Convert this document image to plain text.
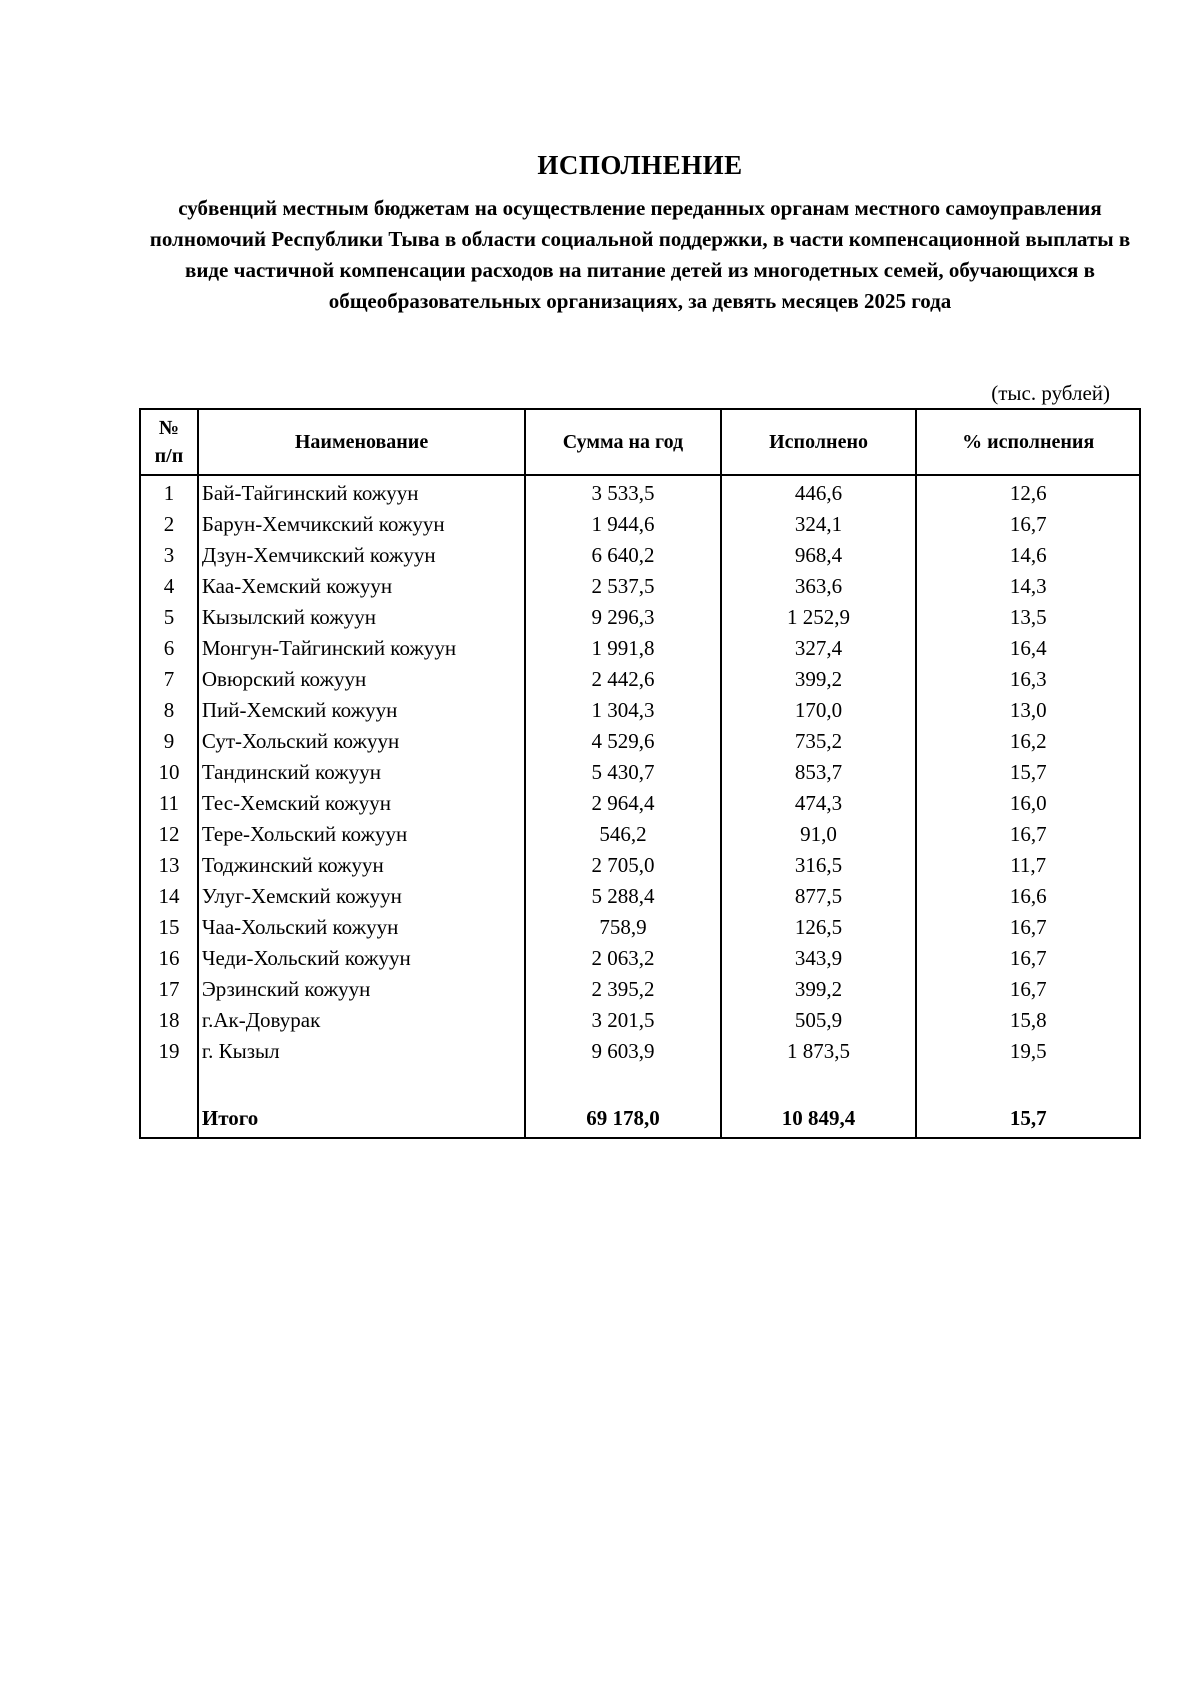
ИСПОЛНЕНИЕ

субвенций местным бюджетам на осуществление переданных органам местного самоуправления полномочий Республики Тыва в области социальной поддержки, в части компенсационной выплаты в виде частичной компенсации расходов на питание детей из многодетных семей, обучающихся в общеобразовательных организациях, за девять месяцев 2025 года

(тыс. рублей)

№
п/п	Наименование	Сумма на год	Исполнено	% исполнения
1	Бай-Тайгинский кожуун	3 533,5	446,6	12,6
2	Барун-Хемчикский кожуун	1 944,6	324,1	16,7
3	Дзун-Хемчикский кожуун	6 640,2	968,4	14,6
4	Каа-Хемский кожуун	2 537,5	363,6	14,3
5	Кызылский кожуун	9 296,3	1 252,9	13,5
6	Монгун-Тайгинский кожуун	1 991,8	327,4	16,4
7	Овюрский кожуун	2 442,6	399,2	16,3
8	Пий-Хемский кожуун	1 304,3	170,0	13,0
9	Сут-Хольский кожуун	4 529,6	735,2	16,2
10	Тандинский кожуун	5 430,7	853,7	15,7
11	Тес-Хемский кожуун	2 964,4	474,3	16,0
12	Тере-Хольский кожуун	546,2	91,0	16,7
13	Тоджинский кожуун	2 705,0	316,5	11,7
14	Улуг-Хемский кожуун	5 288,4	877,5	16,6
15	Чаа-Хольский кожуун	758,9	126,5	16,7
16	Чеди-Хольский кожуун	2 063,2	343,9	16,7
17	Эрзинский кожуун	2 395,2	399,2	16,7
18	г.Ак-Довурак	3 201,5	505,9	15,8
19	г. Кызыл	9 603,9	1 873,5	19,5

	Итого	69 178,0	10 849,4	15,7
